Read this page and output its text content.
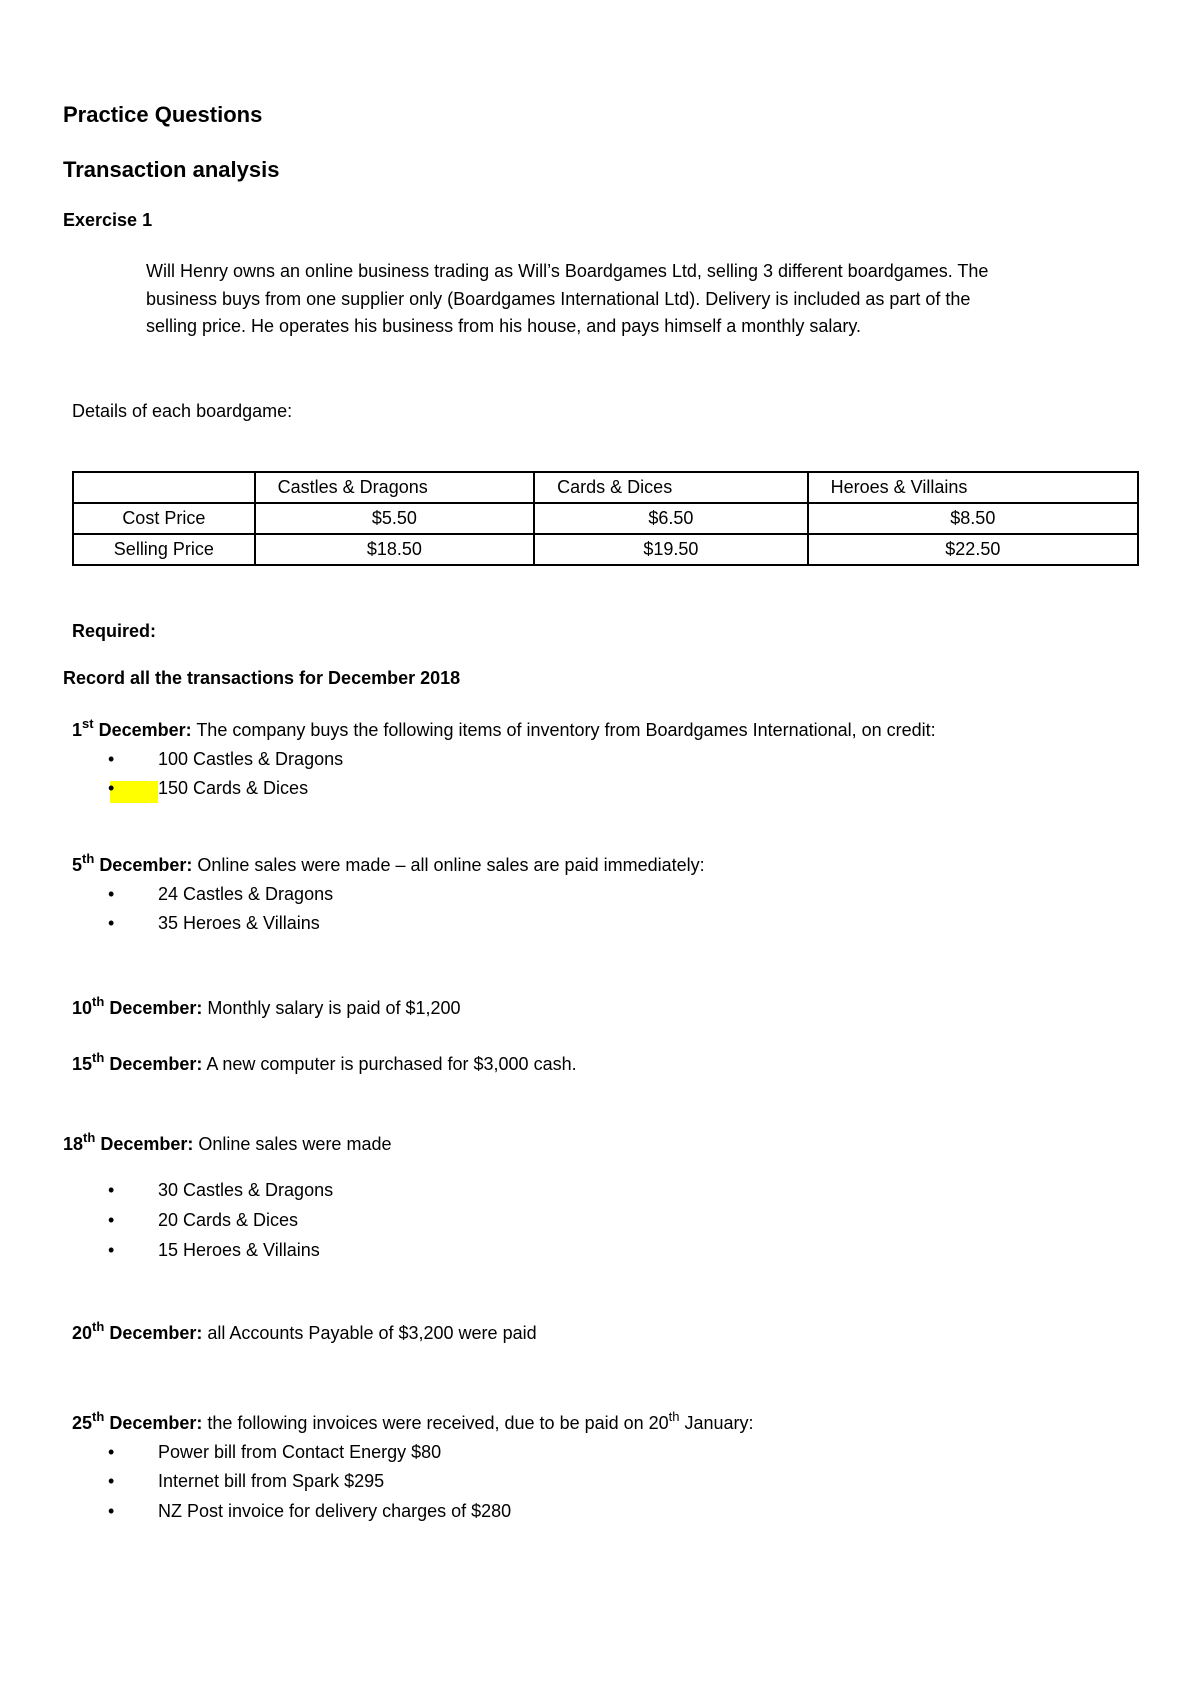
Practice Questions
Transaction analysis
Exercise 1
Will Henry owns an online business trading as Will’s Boardgames Ltd, selling 3 different boardgames. The
business buys from one supplier only (Boardgames International Ltd). Delivery is included as part of the
selling price. He operates his business from his house, and pays himself a monthly salary.
Details of each boardgame:
	Castles & Dragons	Cards & Dices	Heroes & Villains
Cost Price	$5.50	$6.50	$8.50
Selling Price	$18.50	$19.50	$22.50
Required:
Record all the transactions for December 2018
1st December: The company buys the following items of inventory from Boardgames International, on credit:
• 100 Castles & Dragons
• 150 Cards & Dices
5th December: Online sales were made – all online sales are paid immediately:
• 24 Castles & Dragons
• 35 Heroes & Villains
10th December: Monthly salary is paid of $1,200
15th December: A new computer is purchased for $3,000 cash.
18th December: Online sales were made
• 30 Castles & Dragons
• 20 Cards & Dices
• 15 Heroes & Villains
20th December: all Accounts Payable of $3,200 were paid
25th December: the following invoices were received, due to be paid on 20th January:
• Power bill from Contact Energy $80
• Internet bill from Spark $295
• NZ Post invoice for delivery charges of $280
